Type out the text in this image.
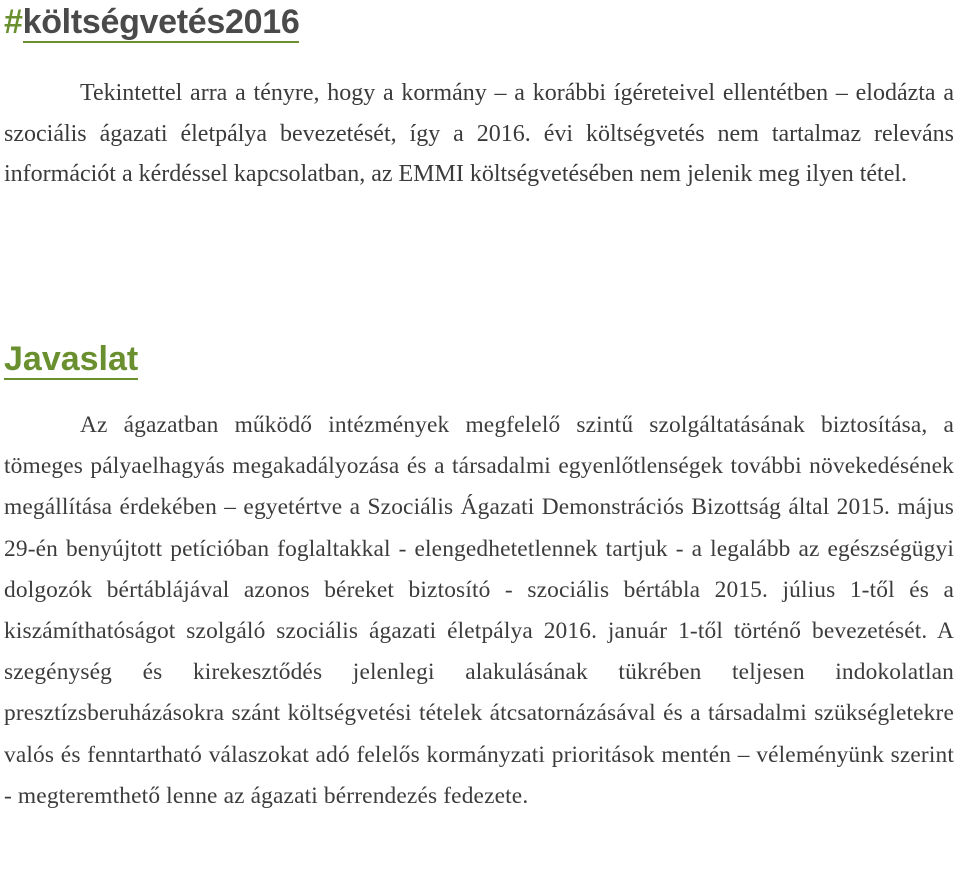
#költségvetés2016

Tekintettel arra a tényre, hogy a kormány – a korábbi ígéreteivel ellentétben – elodázta a szociális ágazati életpálya bevezetését, így a 2016. évi költségvetés nem tartalmaz releváns információt a kérdéssel kapcsolatban, az EMMI költségvetésében nem jelenik meg ilyen tétel.

Javaslat

Az ágazatban működő intézmények megfelelő szintű szolgáltatásának biztosítása, a tömeges pályaelhagyás megakadályozása és a társadalmi egyenlőtlenségek további növekedésének megállítása érdekében – egyetértve a Szociális Ágazati Demonstrációs Bizottság által 2015. május 29-én benyújtott petícióban foglaltakkal - elengedhetetlennek tartjuk - a legalább az egészségügyi dolgozók bértáblájával azonos béreket biztosító - szociális bértábla 2015. július 1-től és a kiszámíthatóságot szolgáló szociális ágazati életpálya 2016. január 1-től történő bevezetését. A szegénység és kirekesztődés jelenlegi alakulásának tükrében teljesen indokolatlan presztízsberuházásokra szánt költségvetési tételek átcsatornázásával és a társadalmi szükségletekre valós és fenntartható válaszokat adó felelős kormányzati prioritások mentén – véleményünk szerint - megteremthető lenne az ágazati bérrendezés fedezete.
